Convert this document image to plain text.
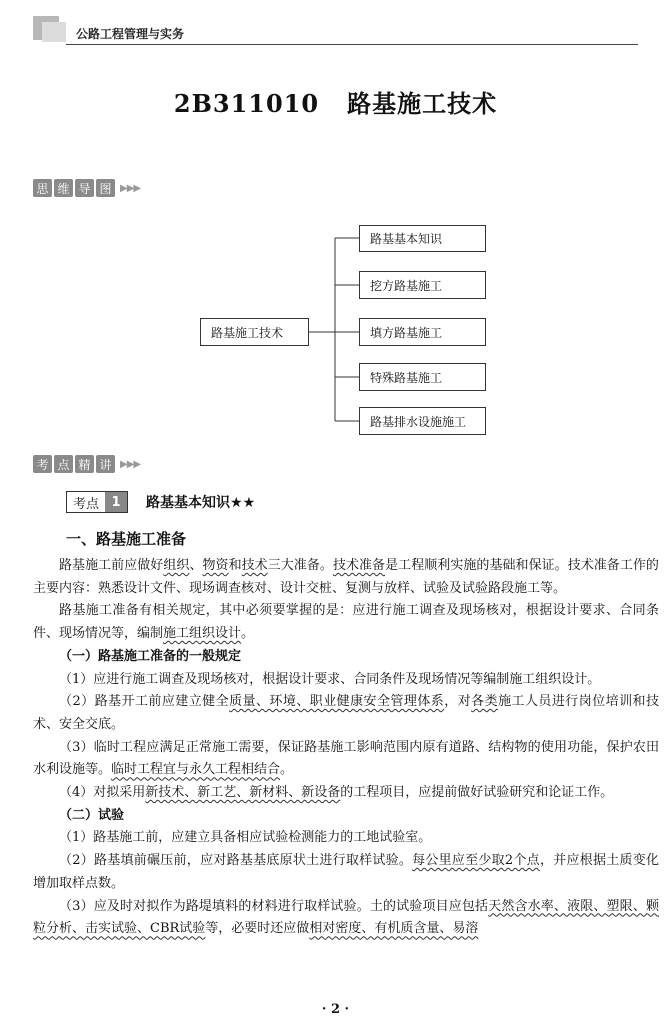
公路工程管理与实务
2B311010 路基施工技术
思 维 导 图 ▶▶▶
路基施工技术
路基基本知识
挖方路基施工
填方路基施工
特殊路基施工
路基排水设施施工
考 点 精 讲 ▶▶▶
考点 1	路基基本知识★★
一、路基施工准备

路基施工前应做好组织、物资和技术三大准备。技术准备是工程顺利实施的基础和保证。技术准备工作的主要内容：熟悉设计文件、现场调查核对、设计交桩、复测与放样、试验及试验路段施工等。

路基施工准备有相关规定，其中必须要掌握的是：应进行施工调查及现场核对，根据设计要求、合同条件、现场情况等，编制施工组织设计。

（一）路基施工准备的一般规定

（1）应进行施工调查及现场核对，根据设计要求、合同条件及现场情况等编制施工组织设计。

（2）路基开工前应建立健全质量、环境、职业健康安全管理体系，对各类施工人员进行岗位培训和技术、安全交底。

（3）临时工程应满足正常施工需要，保证路基施工影响范围内原有道路、结构物的使用功能，保护农田水利设施等。临时工程宜与永久工程相结合。

（4）对拟采用新技术、新工艺、新材料、新设备的工程项目，应提前做好试验研究和论证工作。

（二）试验

（1）路基施工前，应建立具备相应试验检测能力的工地试验室。

（2）路基填前碾压前，应对路基基底原状土进行取样试验。每公里应至少取2个点，并应根据土质变化增加取样点数。

（3）应及时对拟作为路堤填料的材料进行取样试验。土的试验项目应包括天然含水率、液限、塑限、颗粒分析、击实试验、CBR试验等，必要时还应做相对密度、有机质含量、易溶

· 2 ·
